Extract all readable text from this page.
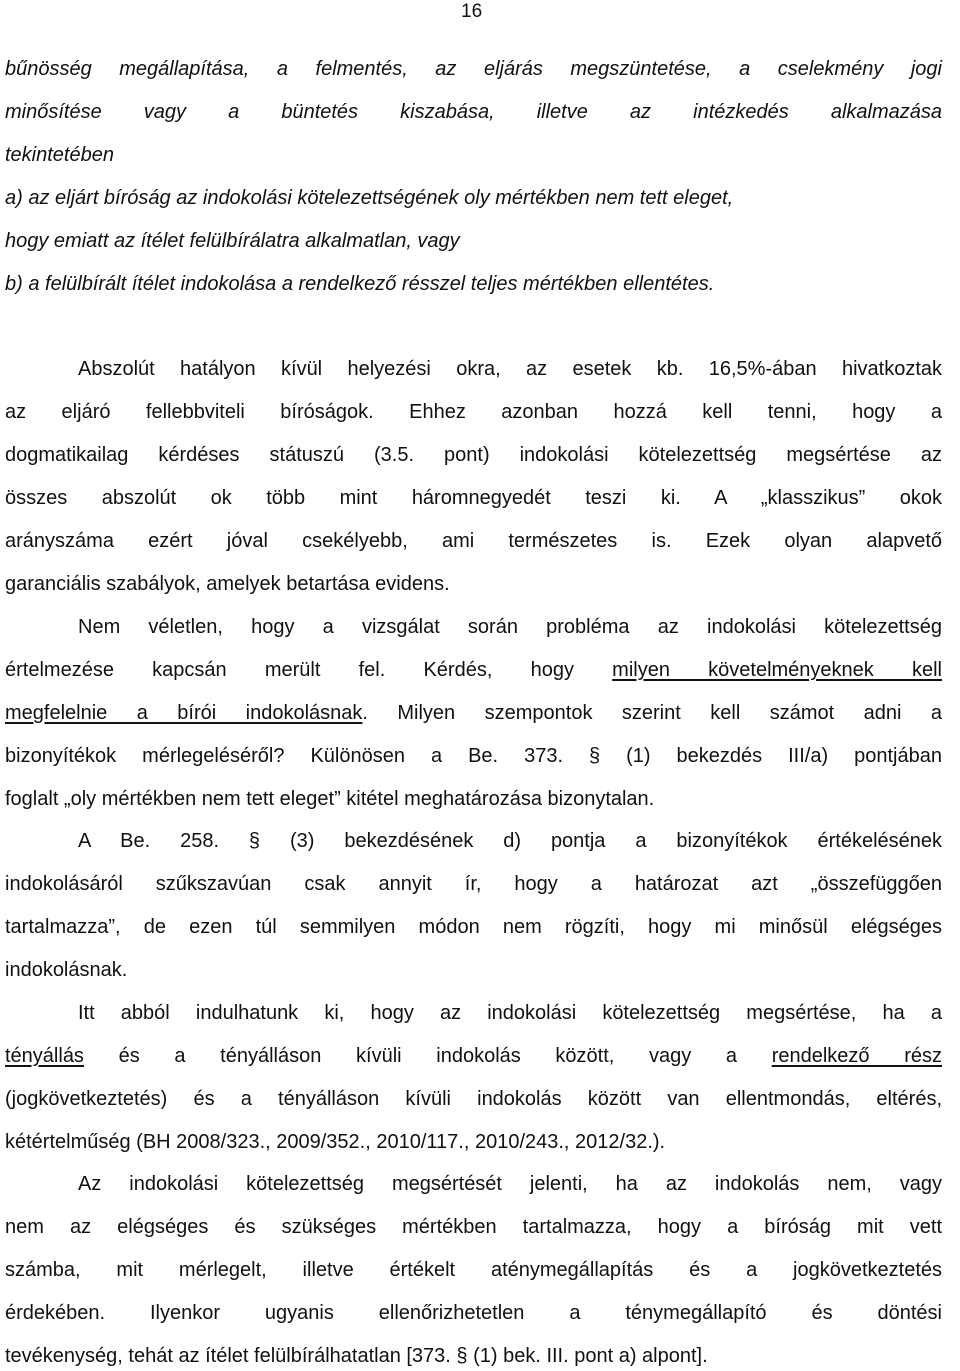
16
bűnösség megállapítása, a felmentés, az eljárás megszüntetése, a cselekmény jogi
minősítése vagy a büntetés kiszabása, illetve az intézkedés alkalmazása
tekintetében
a) az eljárt bíróság az indokolási kötelezettségének oly mértékben nem tett eleget,
hogy emiatt az ítélet felülbírálatra alkalmatlan, vagy
b) a felülbírált ítélet indokolása a rendelkező résszel teljes mértékben ellentétes.
Abszolút hatályon kívül helyezési okra, az esetek kb. 16,5%-ában hivatkoztak
az eljáró fellebbviteli bíróságok. Ehhez azonban hozzá kell tenni, hogy a
dogmatikailag kérdéses státuszú (3.5. pont) indokolási kötelezettség megsértése az
összes abszolút ok több mint háromnegyedét teszi ki. A „klasszikus” okok
arányszáma ezért jóval csekélyebb, ami természetes is. Ezek olyan alapvető
garanciális szabályok, amelyek betartása evidens.
Nem véletlen, hogy a vizsgálat során probléma az indokolási kötelezettség
értelmezése kapcsán merült fel. Kérdés, hogy milyen követelményeknek kell
megfelelnie a bírói indokolásnak. Milyen szempontok szerint kell számot adni a
bizonyítékok mérlegeléséről? Különösen a Be. 373. § (1) bekezdés III/a) pontjában
foglalt „oly mértékben nem tett eleget” kitétel meghatározása bizonytalan.
A Be. 258. § (3) bekezdésének d) pontja a bizonyítékok értékelésének
indokolásáról szűkszavúan csak annyit ír, hogy a határozat azt „összefüggően
tartalmazza”, de ezen túl semmilyen módon nem rögzíti, hogy mi minősül elégséges
indokolásnak.
Itt abból indulhatunk ki, hogy az indokolási kötelezettség megsértése, ha a
tényállás és a tényálláson kívüli indokolás között, vagy a rendelkező rész
(jogkövetkeztetés) és a tényálláson kívüli indokolás között van ellentmondás, eltérés,
kétértelműség (BH 2008/323., 2009/352., 2010/117., 2010/243., 2012/32.).
Az indokolási kötelezettség megsértését jelenti, ha az indokolás nem, vagy
nem az elégséges és szükséges mértékben tartalmazza, hogy a bíróság mit vett
számba, mit mérlegelt, illetve értékelt aténymegállapítás és a jogkövetkeztetés
érdekében. Ilyenkor ugyanis ellenőrizhetetlen a ténymegállapító és döntési
tevékenység, tehát az ítélet felülbírálhatatlan [373. § (1) bek. III. pont a) alpont].
